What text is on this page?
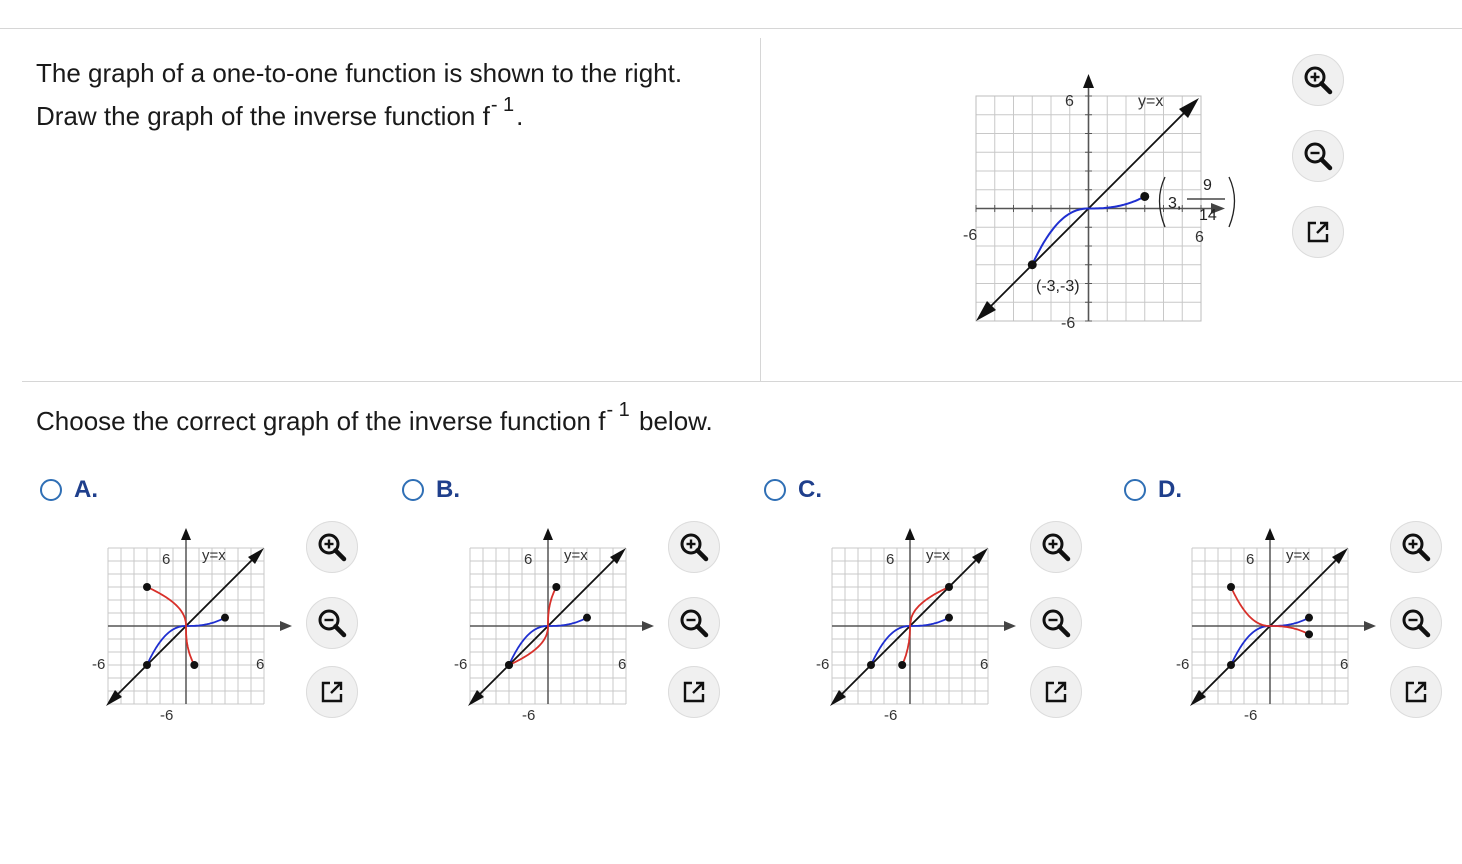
The graph of a one-to-one function is shown to the right. Draw the graph of the inverse function $f^{- 1}$.
Choose the correct graph of the inverse function $f^{- 1}$ below.
6
-6
-6	6
y=x
(-3,-3)
3,
9
14
A.
6
-6
-6	6
y=x
B.
6
-6
-6	6
y=x
C.
6
-6
-6	6
y=x
D.
6
-6
-6	6
y=x
